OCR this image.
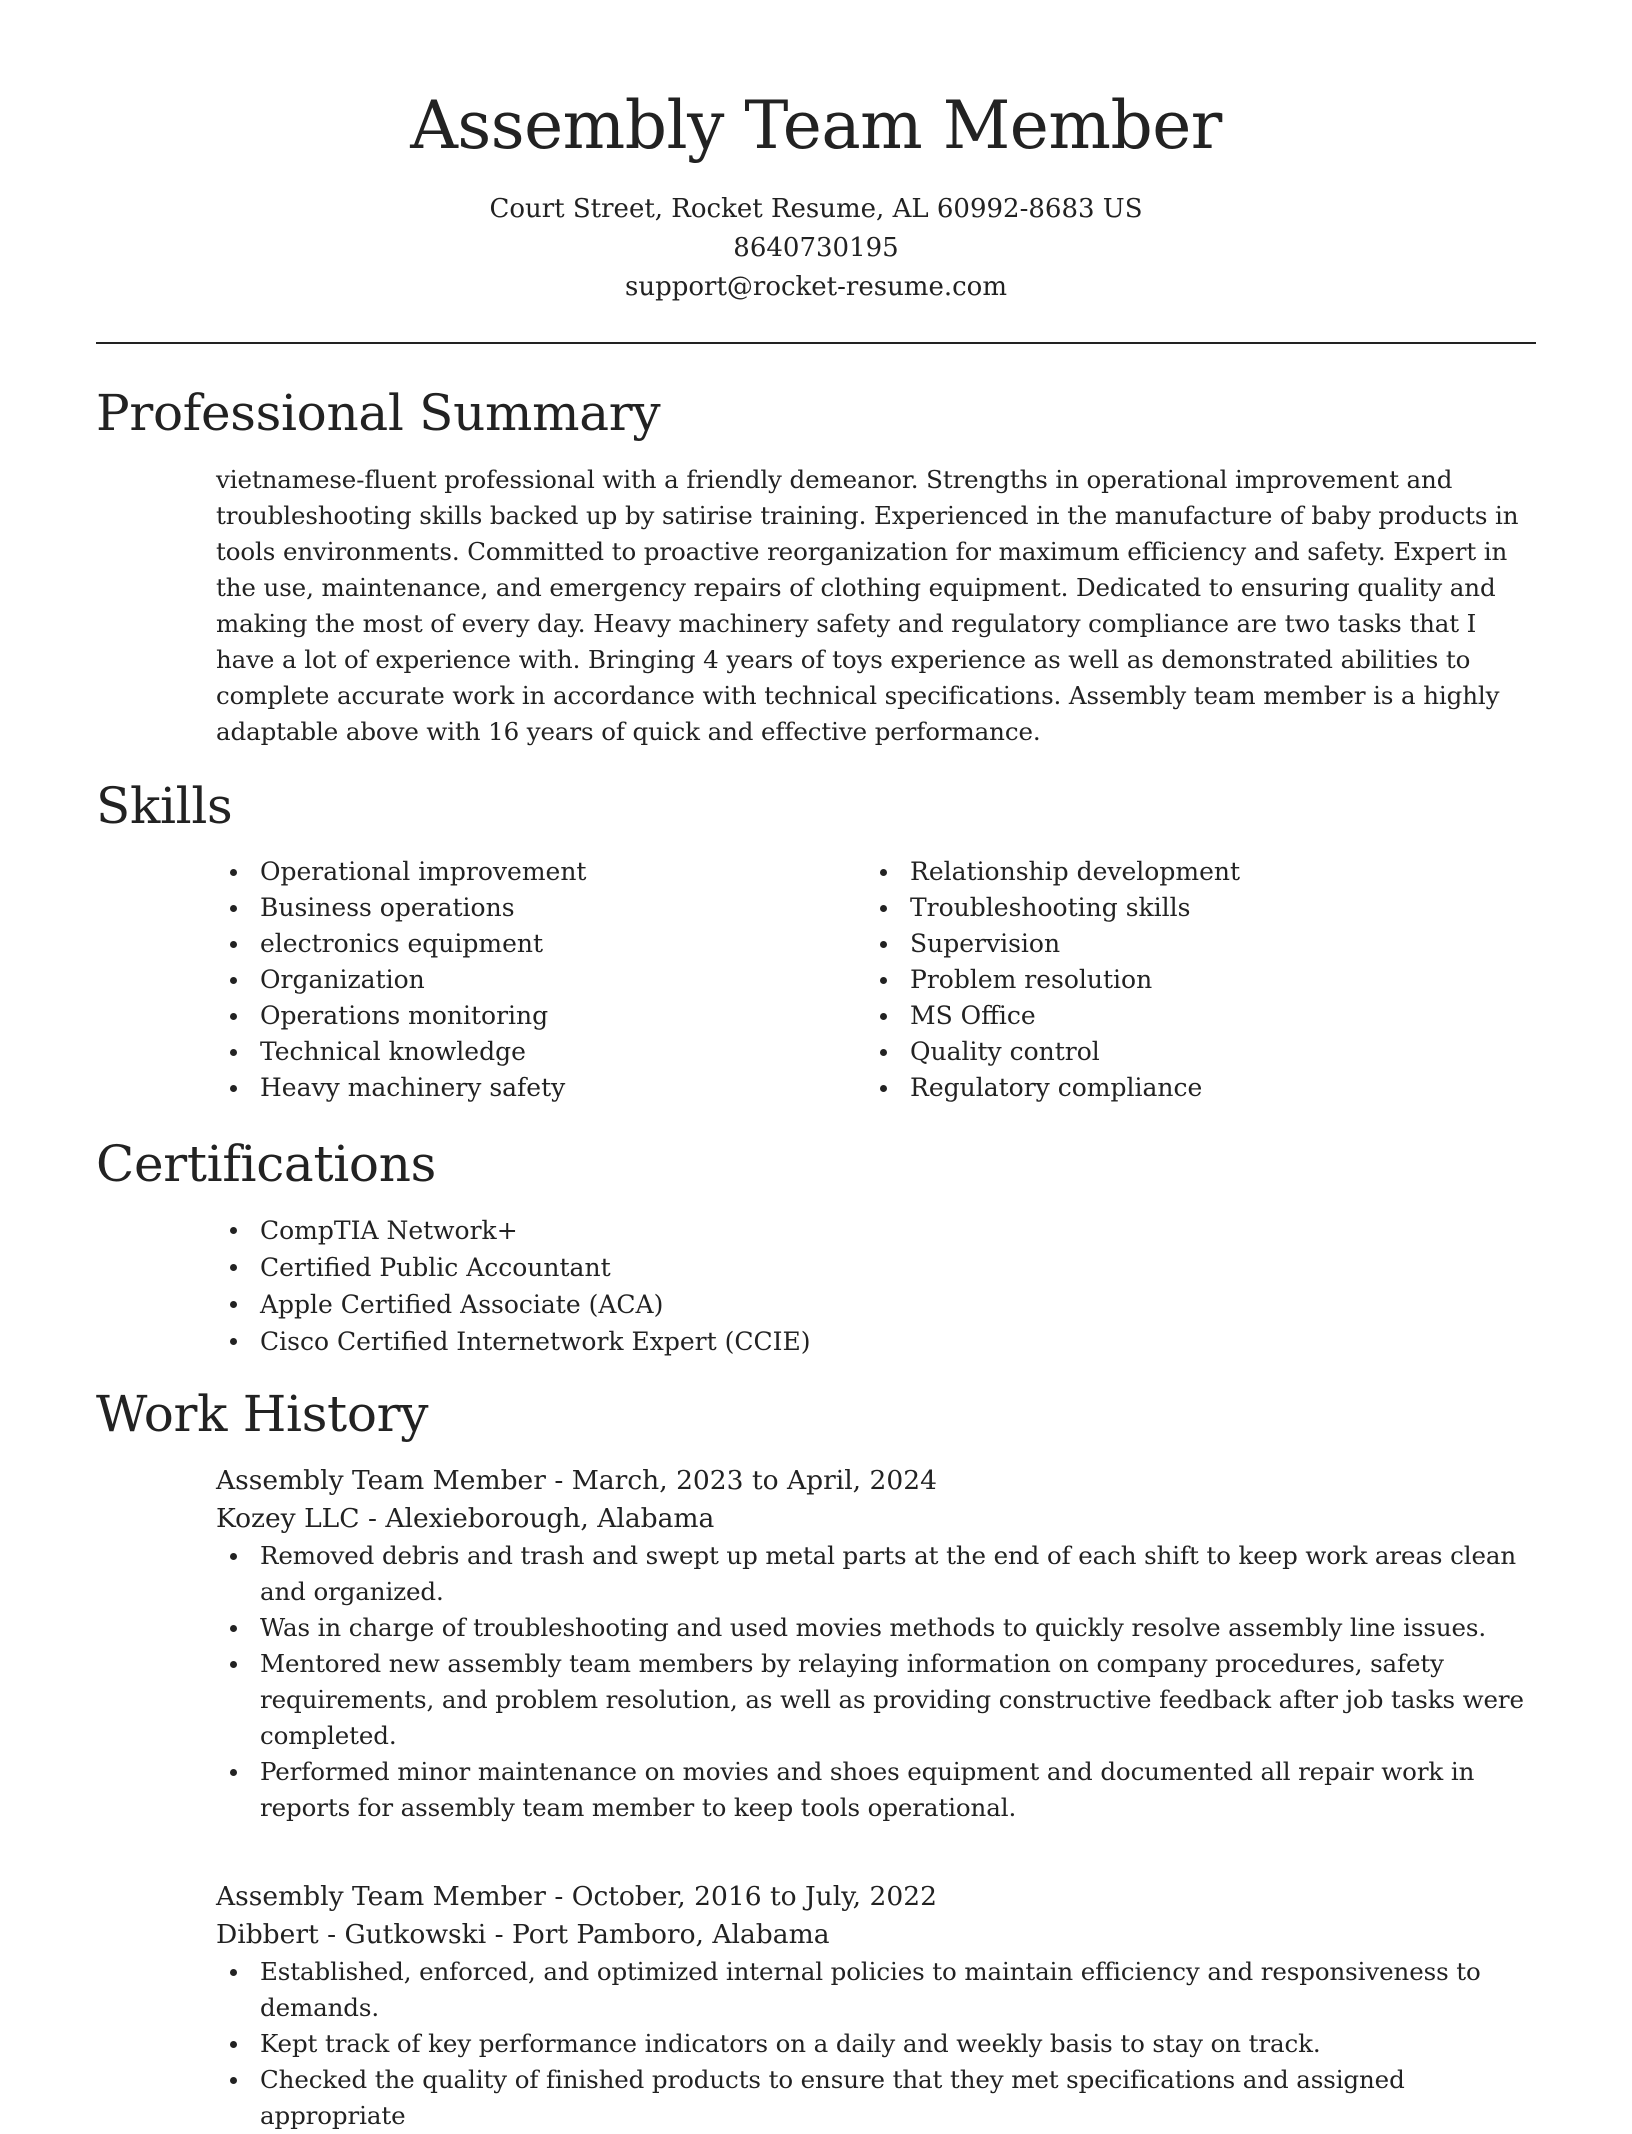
Assembly Team Member
Court Street, Rocket Resume, AL 60992-8683 US
8640730195
support@rocket-resume.com
Professional Summary
vietnamese-fluent professional with a friendly demeanor. Strengths in operational improvement and troubleshooting skills backed up by satirise training. Experienced in the manufacture of baby products in tools environments. Committed to proactive reorganization for maximum efficiency and safety. Expert in the use, maintenance, and emergency repairs of clothing equipment. Dedicated to ensuring quality and making the most of every day. Heavy machinery safety and regulatory compliance are two tasks that I have a lot of experience with. Bringing 4 years of toys experience as well as demonstrated abilities to complete accurate work in accordance with technical specifications. Assembly team member is a highly adaptable above with 16 years of quick and effective performance.
Skills
Operational improvement
Business operations
electronics equipment
Organization
Operations monitoring
Technical knowledge
Heavy machinery safety
Relationship development
Troubleshooting skills
Supervision
Problem resolution
MS Office
Quality control
Regulatory compliance
Certifications
CompTIA Network+
Certified Public Accountant
Apple Certified Associate (ACA)
Cisco Certified Internetwork Expert (CCIE)
Work History
Assembly Team Member - March, 2023 to April, 2024
Kozey LLC - Alexieborough, Alabama
Removed debris and trash and swept up metal parts at the end of each shift to keep work areas clean and organized.
Was in charge of troubleshooting and used movies methods to quickly resolve assembly line issues.
Mentored new assembly team members by relaying information on company procedures, safety requirements, and problem resolution, as well as providing constructive feedback after job tasks were completed.
Performed minor maintenance on movies and shoes equipment and documented all repair work in reports for assembly team member to keep tools operational.
Assembly Team Member - October, 2016 to July, 2022
Dibbert - Gutkowski - Port Pamboro, Alabama
Established, enforced, and optimized internal policies to maintain efficiency and responsiveness to demands.
Kept track of key performance indicators on a daily and weekly basis to stay on track.
Checked the quality of finished products to ensure that they met specifications and assigned appropriate
